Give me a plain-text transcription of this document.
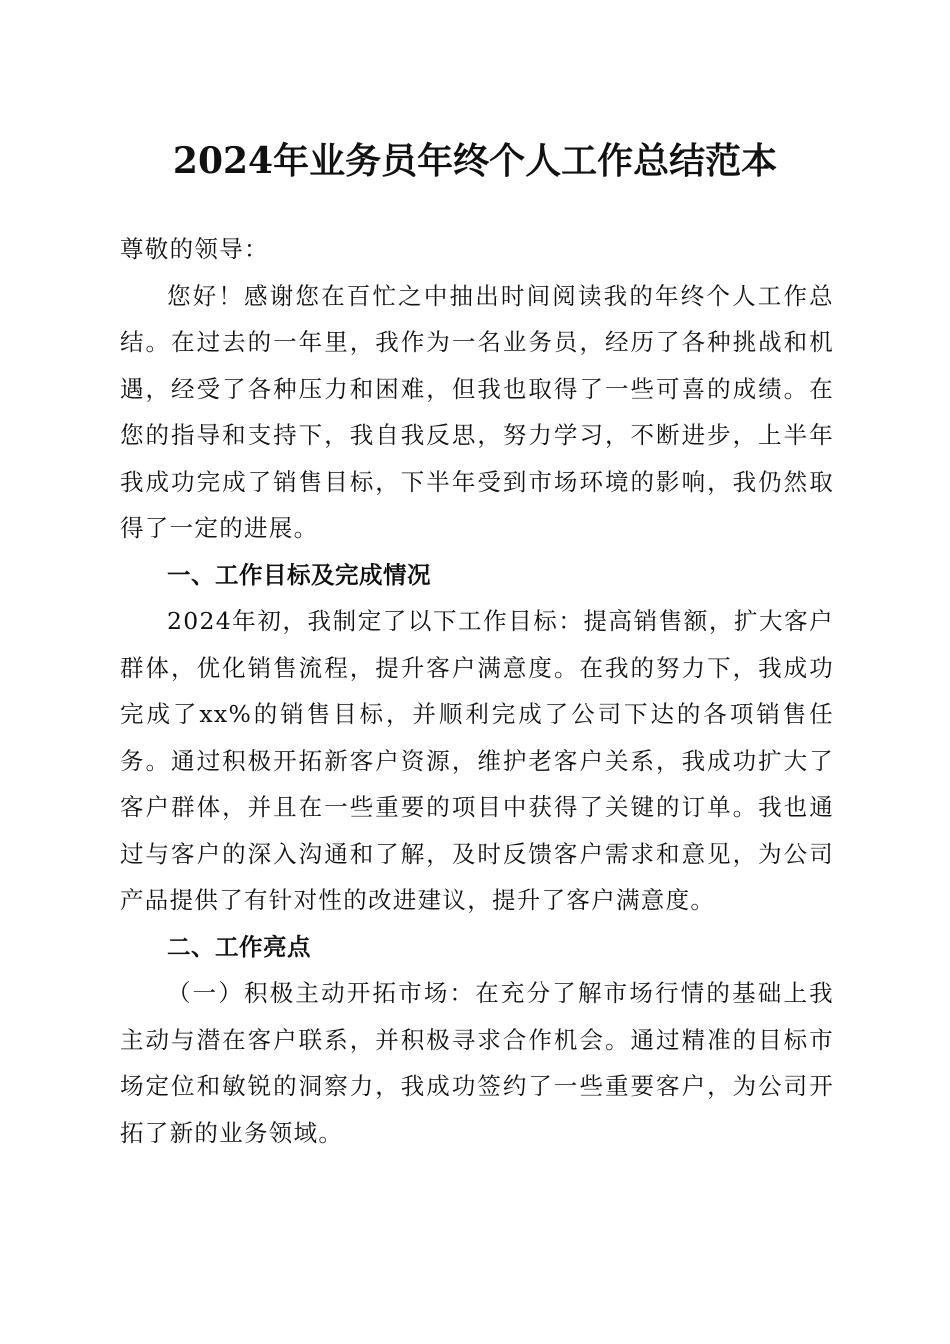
2024年业务员年终个人工作总结范本

尊敬的领导：

您好！感谢您在百忙之中抽出时间阅读我的年终个人工作总结。在过去的一年里，我作为一名业务员，经历了各种挑战和机遇，经受了各种压力和困难，但我也取得了一些可喜的成绩。在您的指导和支持下，我自我反思，努力学习，不断进步，上半年我成功完成了销售目标，下半年受到市场环境的影响，我仍然取得了一定的进展。

一、工作目标及完成情况

2024年初，我制定了以下工作目标：提高销售额，扩大客户群体，优化销售流程，提升客户满意度。在我的努力下，我成功完成了xx%的销售目标，并顺利完成了公司下达的各项销售任务。通过积极开拓新客户资源，维护老客户关系，我成功扩大了客户群体，并且在一些重要的项目中获得了关键的订单。我也通过与客户的深入沟通和了解，及时反馈客户需求和意见，为公司产品提供了有针对性的改进建议，提升了客户满意度。

二、工作亮点

（一）积极主动开拓市场：在充分了解市场行情的基础上我主动与潜在客户联系，并积极寻求合作机会。通过精准的目标市场定位和敏锐的洞察力，我成功签约了一些重要客户，为公司开拓了新的业务领域。
